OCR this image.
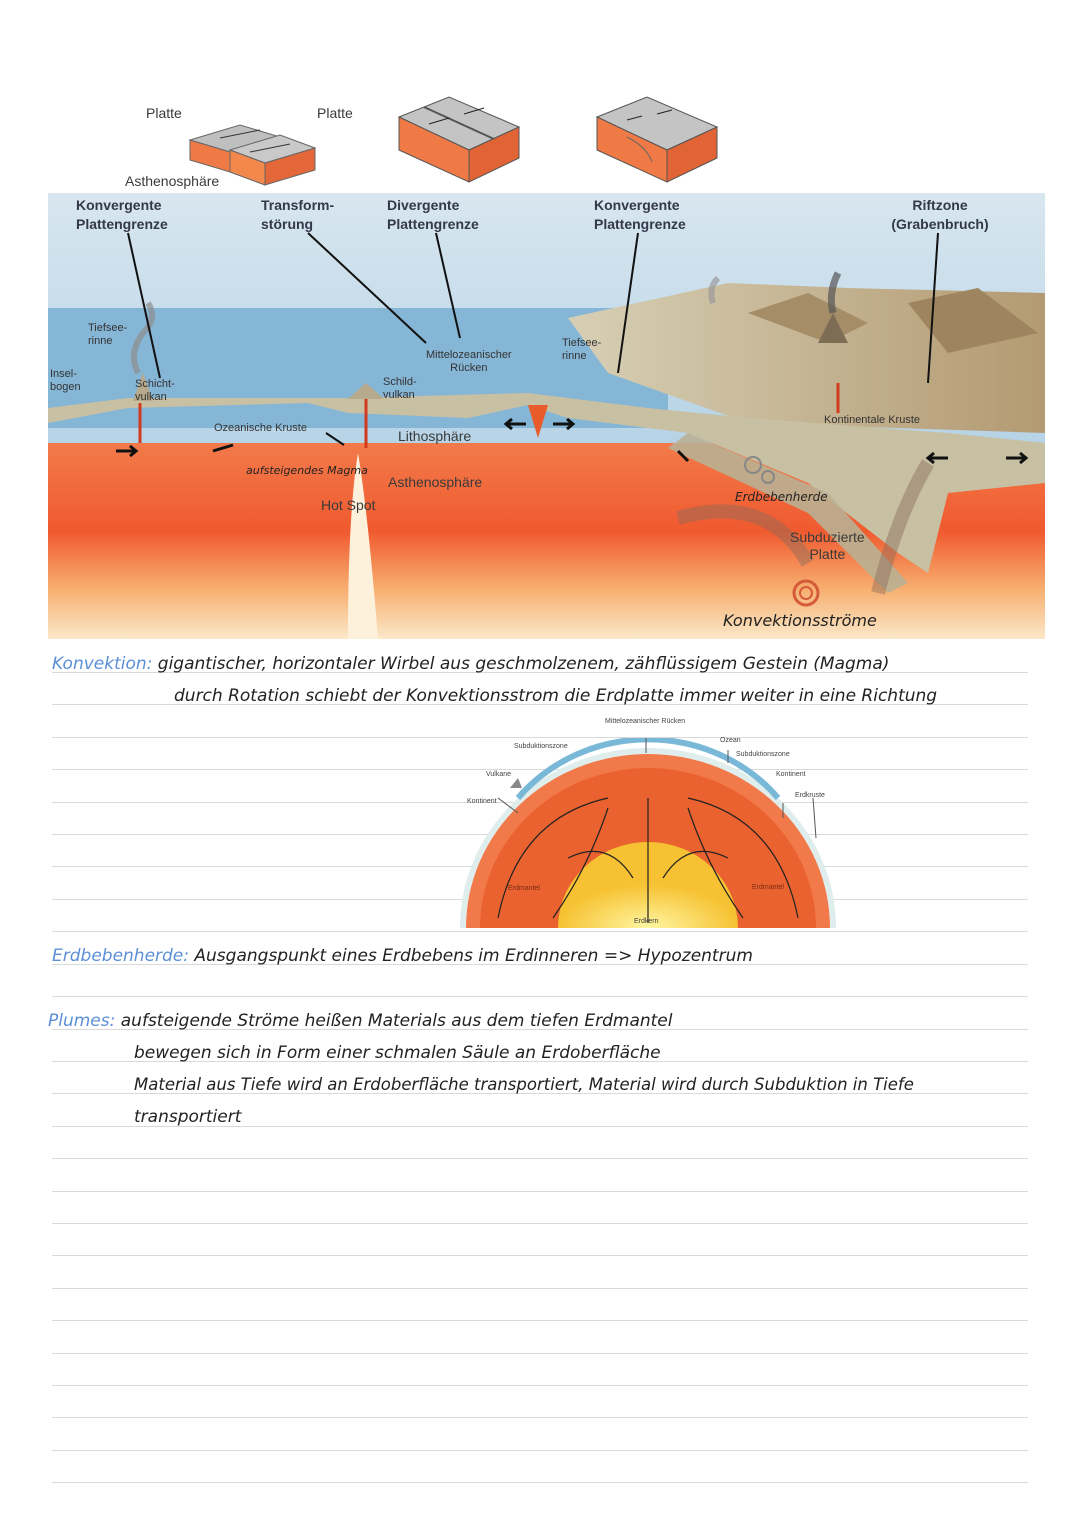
Platte	Platte
Asthenosphäre
Konvergente Plattengrenze
Transform-
störung
Divergente Plattengrenze
Konvergente Plattengrenze
Riftzone (Grabenbruch)
Tiefsee-
rinne
Insel-
bogen	Schicht-
vulkan
Ozeanische Kruste
Mittelozeanischer
Rücken
Schild-
vulkan
Tiefsee-
rinne
Lithosphäre
Asthenosphäre
Hot Spot
aufsteigendes Magma
Kontinentale Kruste
Erdbebenherde
Subduzierte
Platte
Konvektionsströme
Konvektion: gigantischer, horizontaler Wirbel aus geschmolzenem, zähflüssigem Gestein (Magma)
durch Rotation schiebt der Konvektionsstrom die Erdplatte immer weiter in eine Richtung
Mittelozeanischer Rücken
Ozean
Subduktionszone
Subduktionszone
Vulkane
Kontinent
Kontinent
Erdkruste
Erdmantel	Erdmantel
Erdkern
Erdbebenherde: Ausgangspunkt eines Erdbebens im Erdinneren => Hypozentrum
Plumes: aufsteigende Ströme heißen Materials aus dem tiefen Erdmantel
bewegen sich in Form einer schmalen Säule an Erdoberfläche
Material aus Tiefe wird an Erdoberfläche transportiert, Material wird durch Subduktion in Tiefe
transportiert
